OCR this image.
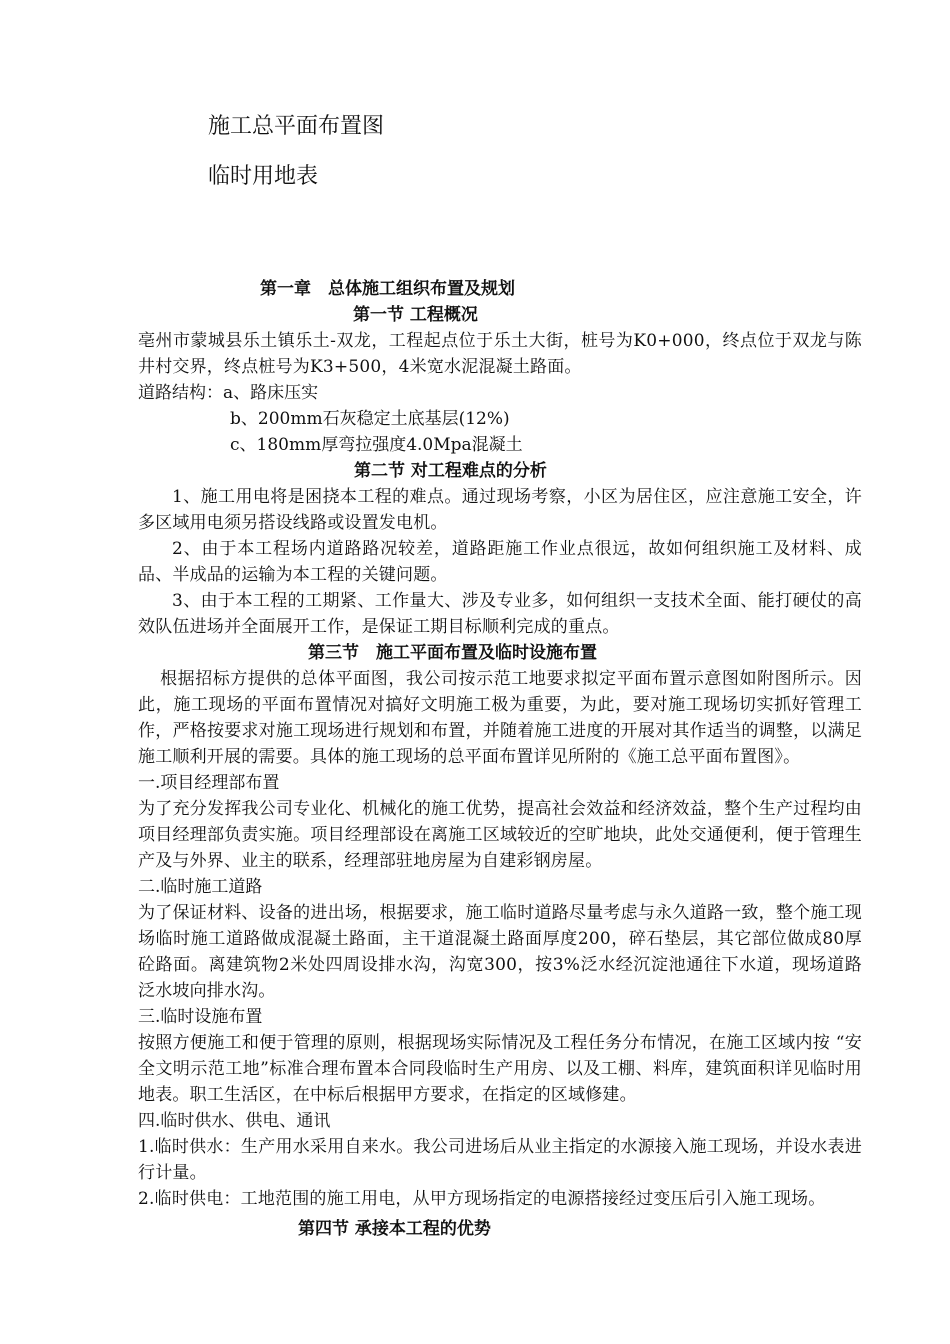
施工总平面布置图
临时用地表

第一章　总体施工组织布置及规划

第一节 工程概况

亳州市蒙城县乐土镇乐土-双龙，工程起点位于乐土大街，桩号为K0+000，终点位于双龙与陈井村交界，终点桩号为K3+500，4米宽水泥混凝土路面。

道路结构：a、路床压实

b、200mm石灰稳定土底基层(12%)

c、180mm厚弯拉强度4.0Mpa混凝土

第二节 对工程难点的分析

1、施工用电将是困挠本工程的难点。通过现场考察，小区为居住区，应注意施工安全，许多区域用电须另搭设线路或设置发电机。

2、由于本工程场内道路路况较差，道路距施工作业点很远，故如何组织施工及材料、成品、半成品的运输为本工程的关键问题。

3、由于本工程的工期紧、工作量大、涉及专业多，如何组织一支技术全面、能打硬仗的高效队伍进场并全面展开工作，是保证工期目标顺利完成的重点。

第三节　施工平面布置及临时设施布置

根据招标方提供的总体平面图，我公司按示范工地要求拟定平面布置示意图如附图所示。因此，施工现场的平面布置情况对搞好文明施工极为重要，为此，要对施工现场切实抓好管理工作，严格按要求对施工现场进行规划和布置，并随着施工进度的开展对其作适当的调整，以满足施工顺利开展的需要。具体的施工现场的总平面布置详见所附的《施工总平面布置图》。

一.项目经理部布置

为了充分发挥我公司专业化、机械化的施工优势，提高社会效益和经济效益，整个生产过程均由项目经理部负责实施。项目经理部设在离施工区域较近的空旷地块，此处交通便利，便于管理生产及与外界、业主的联系，经理部驻地房屋为自建彩钢房屋。

二.临时施工道路

为了保证材料、设备的进出场，根据要求，施工临时道路尽量考虑与永久道路一致，整个施工现场临时施工道路做成混凝土路面，主干道混凝土路面厚度200，碎石垫层，其它部位做成80厚砼路面。离建筑物2米处四周设排水沟，沟宽300，按3%泛水经沉淀池通往下水道，现场道路泛水坡向排水沟。

三.临时设施布置

按照方便施工和便于管理的原则，根据现场实际情况及工程任务分布情况，在施工区域内按 “安全文明示范工地”标准合理布置本合同段临时生产用房、以及工棚、料库，建筑面积详见临时用地表。职工生活区，在中标后根据甲方要求，在指定的区域修建。

四.临时供水、供电、通讯

1.临时供水：生产用水采用自来水。我公司进场后从业主指定的水源接入施工现场，并设水表进行计量。

2.临时供电：工地范围的施工用电，从甲方现场指定的电源搭接经过变压后引入施工现场。

第四节 承接本工程的优势
